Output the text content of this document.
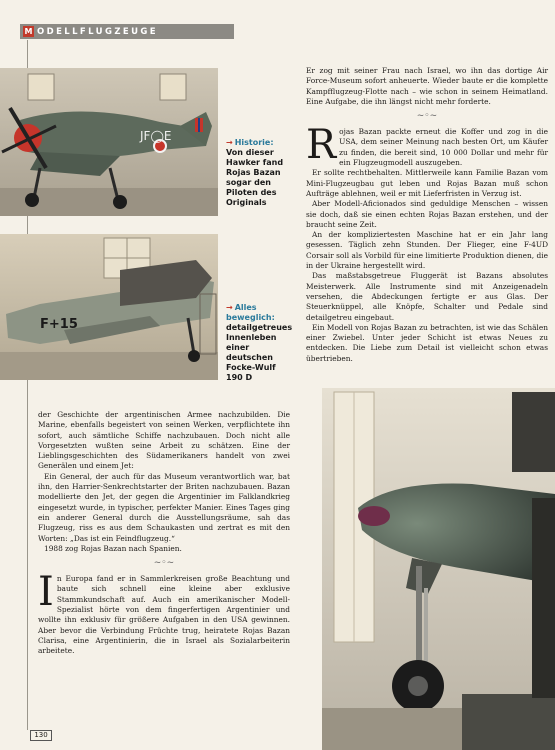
M ODELLFLUGZEUGE
JF◯E	→ Historie:
Von dieser Hawker fand Rojas Bazan sogar den Piloten des Originals
F+15
→ Alles beweglich:
detailgetreues Innenleben einer deutschen Focke-Wulf 190 D

Er zog mit seiner Frau nach Israel, wo ihn das dortige Air Force-Museum sofort anheuerte. Wieder baute er die komplette Kampfflugzeug-Flotte nach – wie schon in seinem Heimatland. Eine Aufgabe, die ihn längst nicht mehr forderte.

~◦~

Rojas Bazan packte erneut die Koffer und zog in die USA, dem seiner Meinung nach besten Ort, um Käufer zu finden, die bereit sind, 10 000 Dollar und mehr für ein Flugzeugmodell auszugeben.

Er sollte rechtbehalten. Mittlerweile kann Familie Bazan vom Mini-Flugzeugbau gut leben und Rojas Bazan muß schon Aufträge ablehnen, weil er mit Lieferfristen in Verzug ist.

Aber Modell-Aficionados sind geduldige Menschen – wissen sie doch, daß sie einen echten Rojas Bazan erstehen, und der braucht seine Zeit.

An der kompliziertesten Maschine hat er ein Jahr lang gesessen. Täglich zehn Stunden. Der Flieger, eine F-4UD Corsair soll als Vorbild für eine limitierte Produktion dienen, die in der Ukraine hergestellt wird.

Das maßstabsgetreue Fluggerät ist Bazans absolutes Meisterwerk. Alle Instrumente sind mit Anzeigenadeln versehen, die Abdeckungen fertigte er aus Glas. Der Steuerknüppel, alle Knöpfe, Schalter und Pedale sind detailgetreu eingebaut.

Ein Modell von Rojas Bazan zu betrachten, ist wie das Schälen einer Zwiebel. Unter jeder Schicht ist etwas Neues zu entdecken. Die Liebe zum Detail ist vielleicht schon etwas übertrieben.

der Geschichte der argentinischen Armee nachzubilden. Die Marine, ebenfalls begeistert von seinen Werken, verpflichtete ihn sofort, auch sämtliche Schiffe nachzubauen. Doch nicht alle Vorgesetzten wußten seine Arbeit zu schätzen. Eine der Lieblingsgeschichten des Südamerikaners handelt von zwei Generälen und einem Jet:

Ein General, der auch für das Museum verantwortlich war, bat ihn, den Harrier-Senkrechtstarter der Briten nachzubauen. Bazan modellierte den Jet, der gegen die Argentinier im Falklandkrieg eingesetzt wurde, in typischer, perfekter Manier. Eines Tages ging ein anderer General durch die Ausstellungsräume, sah das Flugzeug, riss es aus dem Schaukasten und zertrat es mit den Worten: „Das ist ein Feindflugzeug.“

1988 zog Rojas Bazan nach Spanien.

~◦~

In Europa fand er in Sammlerkreisen große Beachtung und baute sich schnell eine kleine aber exklusive Stammkundschaft auf. Auch ein amerikanischer Modell-Spezialist hörte von dem fingerfertigen Argentinier und wollte ihn exklusiv für größere Aufgaben in den USA gewinnen. Aber bevor die Verbindung Früchte trug, heiratete Rojas Bazan Clarisa, eine Argentinierin, die in Israel als Sozialarbeiterin arbeitete.

130
